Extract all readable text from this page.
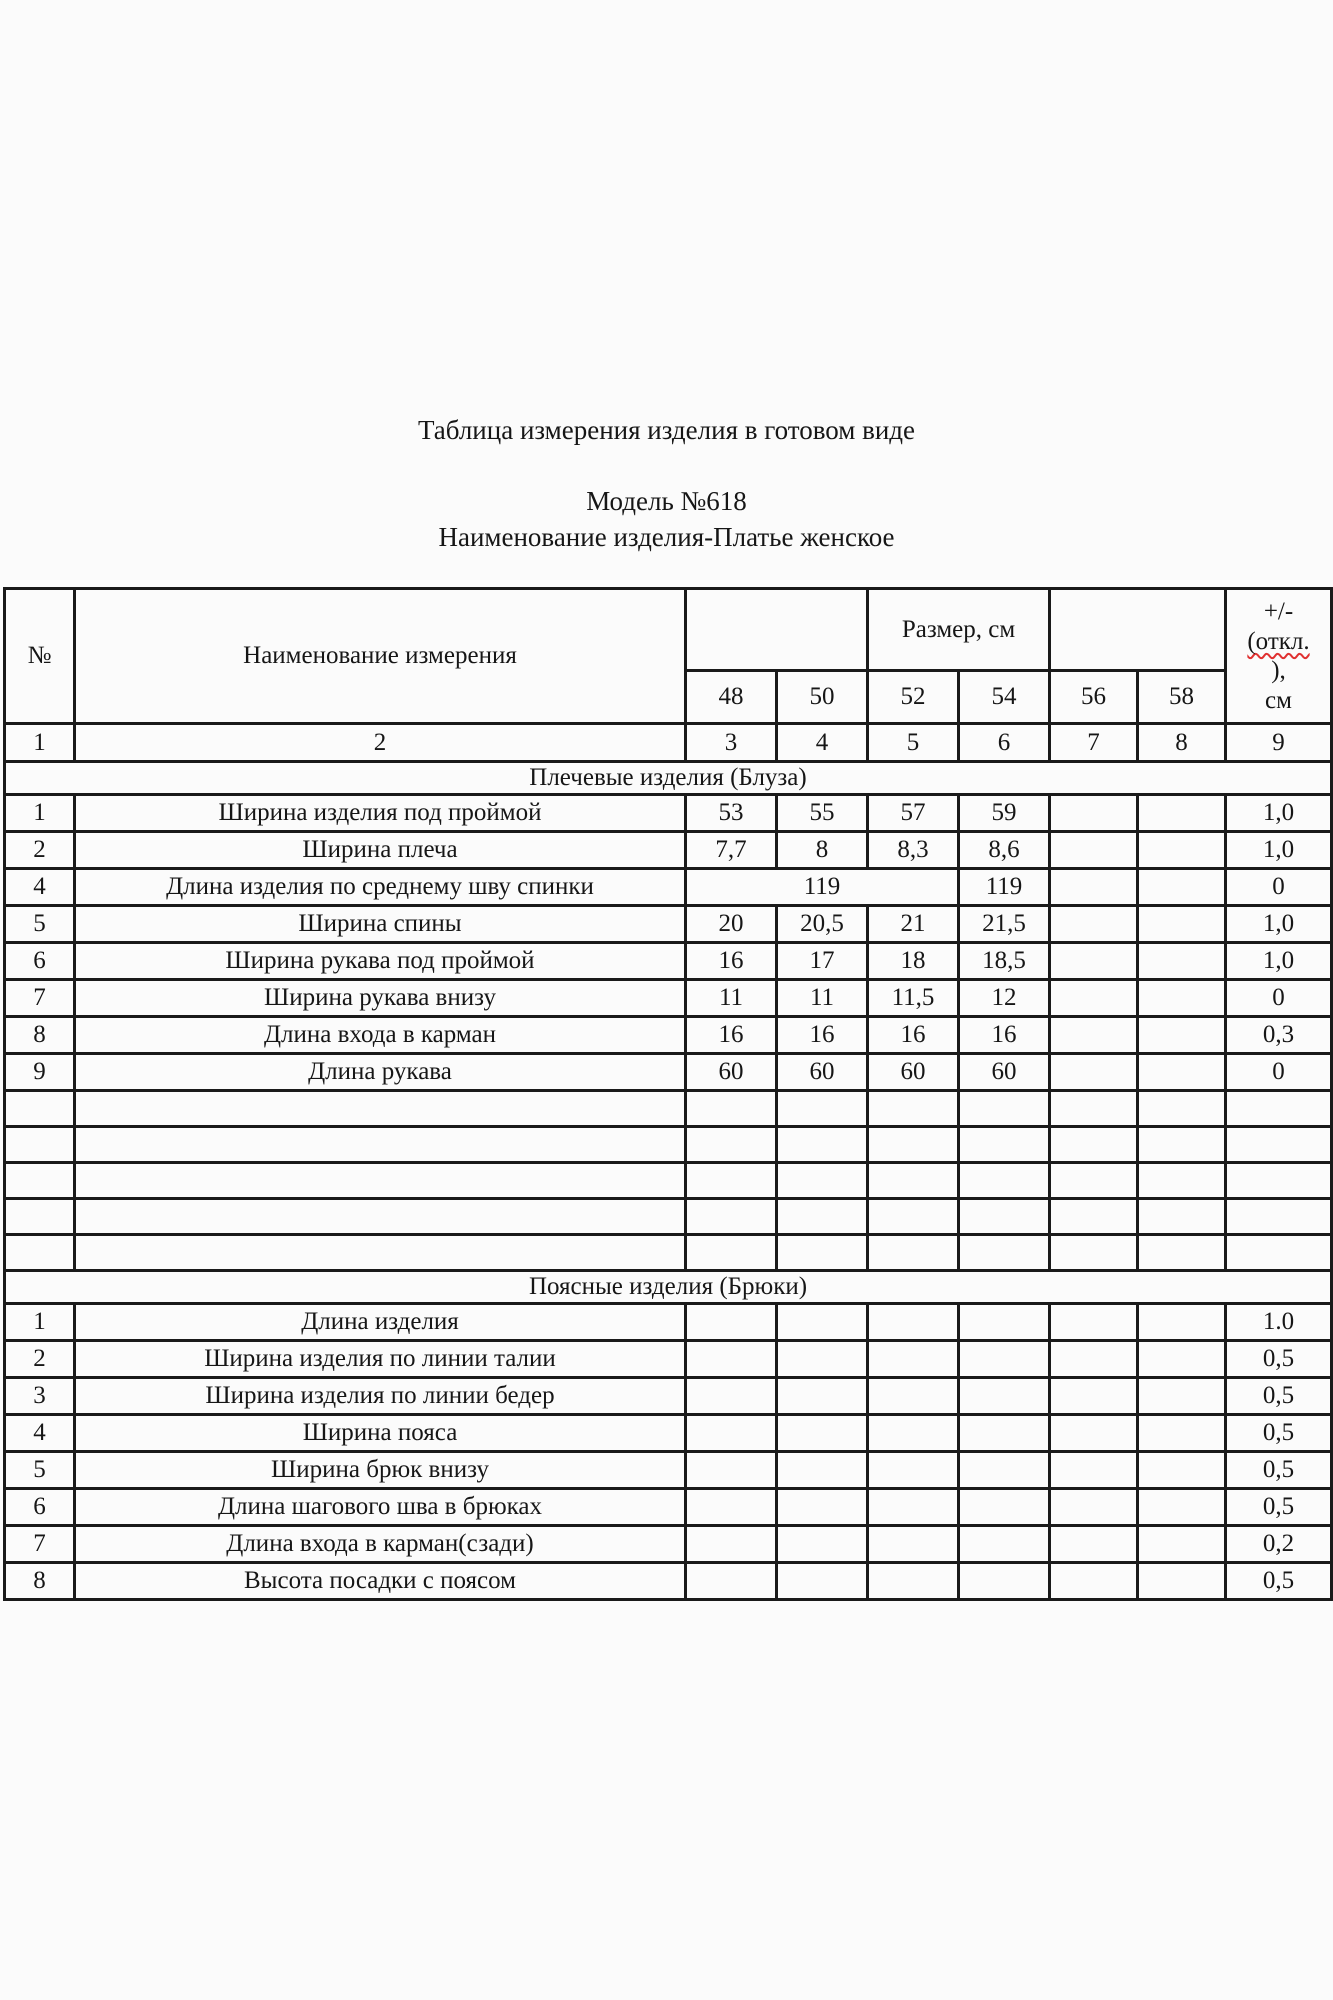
Таблица измерения изделия в готовом виде
Модель №618
Наименование изделия-Платье женское
№	Наименование измерения			Размер, см				+/-
(откл.
),
см

		48	50	52	54	56	58	
1	2	3	4	5	6	7	8	9
Плечевые изделия (Блуза)								
1	Ширина изделия под проймой	53	55	57	59			1,0
2	Ширина плеча	7,7	8	8,3	8,6			1,0
4	Длина изделия по среднему шву спинки	119			119			0
5	Ширина спины	20	20,5	21	21,5			1,0
6	Ширина рукава под проймой	16	17	18	18,5			1,0
7	Ширина рукава внизу	11	11	11,5	12			0
8	Длина входа в карман	16	16	16	16			0,3
9	Длина рукава	60	60	60	60			0

Поясные изделия (Брюки)								
1	Длина изделия							1.0
2	Ширина изделия по линии талии							0,5
3	Ширина изделия по линии бедер							0,5
4	Ширина пояса							0,5
5	Ширина брюк внизу							0,5
6	Длина шагового шва в брюках							0,5
7	Длина входа в карман(сзади)							0,2
8	Высота посадки с поясом							0,5
